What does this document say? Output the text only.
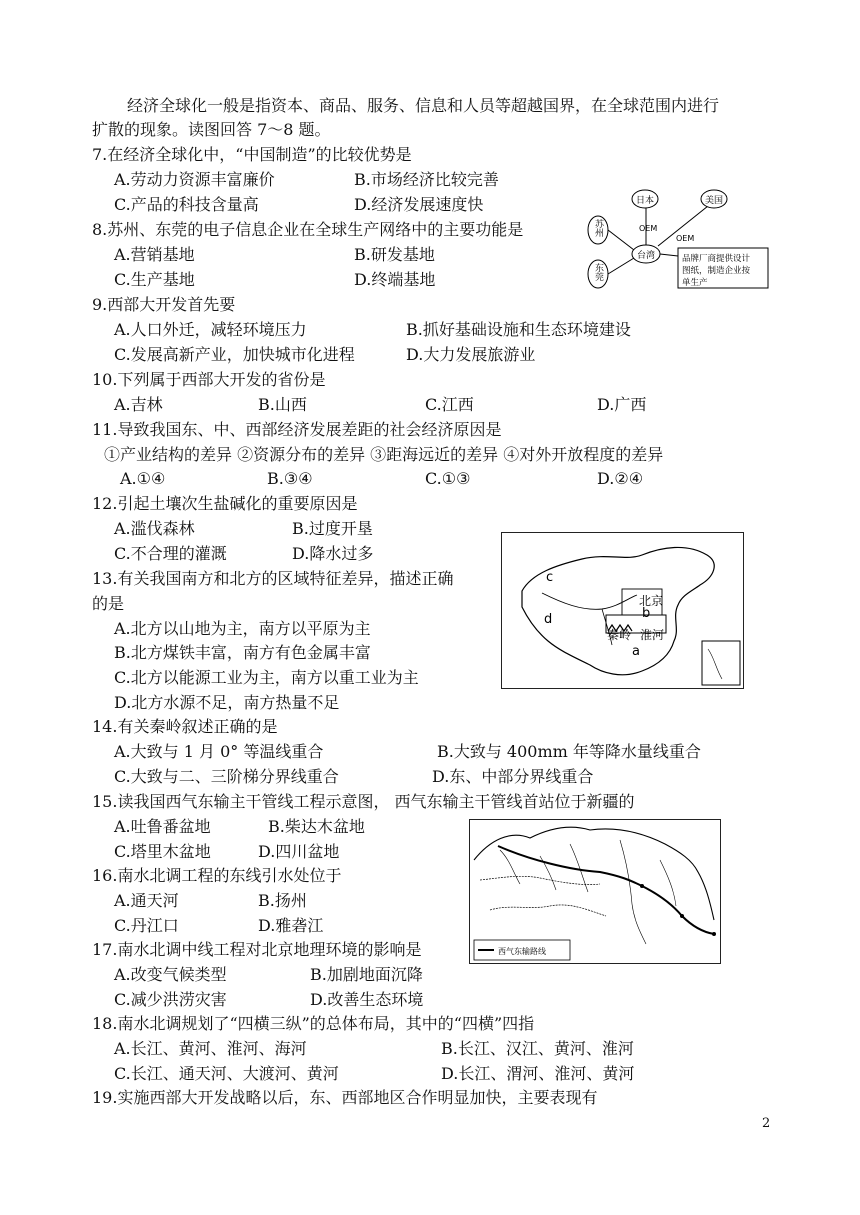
经济全球化一般是指资本、商品、服务、信息和人员等超越国界，在全球范围内进行
扩散的现象。读图回答 7～8 题。
7.在经济全球化中，“中国制造”的比较优势是
A.劳动力资源丰富廉价	B.市场经济比较完善
C.产品的科技含量高	D.经济发展速度快
8.苏州、东莞的电子信息企业在全球生产网络中的主要功能是
A.营销基地	B.研发基地
C.生产基地	D.终端基地
日本	美国
台湾
苏州
东莞
OEM
OEM
品牌厂商提供设计
图纸，制造企业按
单生产
9.西部大开发首先要
A.人口外迁，减轻环境压力	B.抓好基础设施和生态环境建设
C.发展高新产业，加快城市化进程	D.大力发展旅游业
10.下列属于西部大开发的省份是
A.吉林	B.山西	C.江西	D.广西
11.导致我国东、中、西部经济发展差距的社会经济原因是
①产业结构的差异 ②资源分布的差异 ③距海远近的差异 ④对外开放程度的差异
A.①④	B.③④	C.①③	D.②④
12.引起土壤次生盐碱化的重要原因是
A.滥伐森林	B.过度开垦
C.不合理的灌溉	D.降水过多
c
d	b
a
北京
秦岭 淮河
13.有关我国南方和北方的区域特征差异，描述正确
的是
A.北方以山地为主，南方以平原为主
B.北方煤铁丰富，南方有色金属丰富
C.北方以能源工业为主，南方以重工业为主
D.北方水源不足，南方热量不足
14.有关秦岭叙述正确的是
A.大致与 1 月 0° 等温线重合	B.大致与 400mm 年等降水量线重合
C.大致与二、三阶梯分界线重合	D.东、中部分界线重合
15.读我国西气东输主干管线工程示意图， 西气东输主干管线首站位于新疆的
A.吐鲁番盆地	B.柴达木盆地
C.塔里木盆地	D.四川盆地
西气东输路线
16.南水北调工程的东线引水处位于
A.通天河	B.扬州
C.丹江口	D.雅砻江
17.南水北调中线工程对北京地理环境的影响是
A.改变气候类型	B.加剧地面沉降
C.减少洪涝灾害	D.改善生态环境
18.南水北调规划了“四横三纵”的总体布局，其中的“四横”四指
A.长江、黄河、淮河、海河	B.长江、汉江、黄河、淮河
C.长江、通天河、大渡河、黄河	D.长江、渭河、淮河、黄河
19.实施西部大开发战略以后，东、西部地区合作明显加快，主要表现有
2
